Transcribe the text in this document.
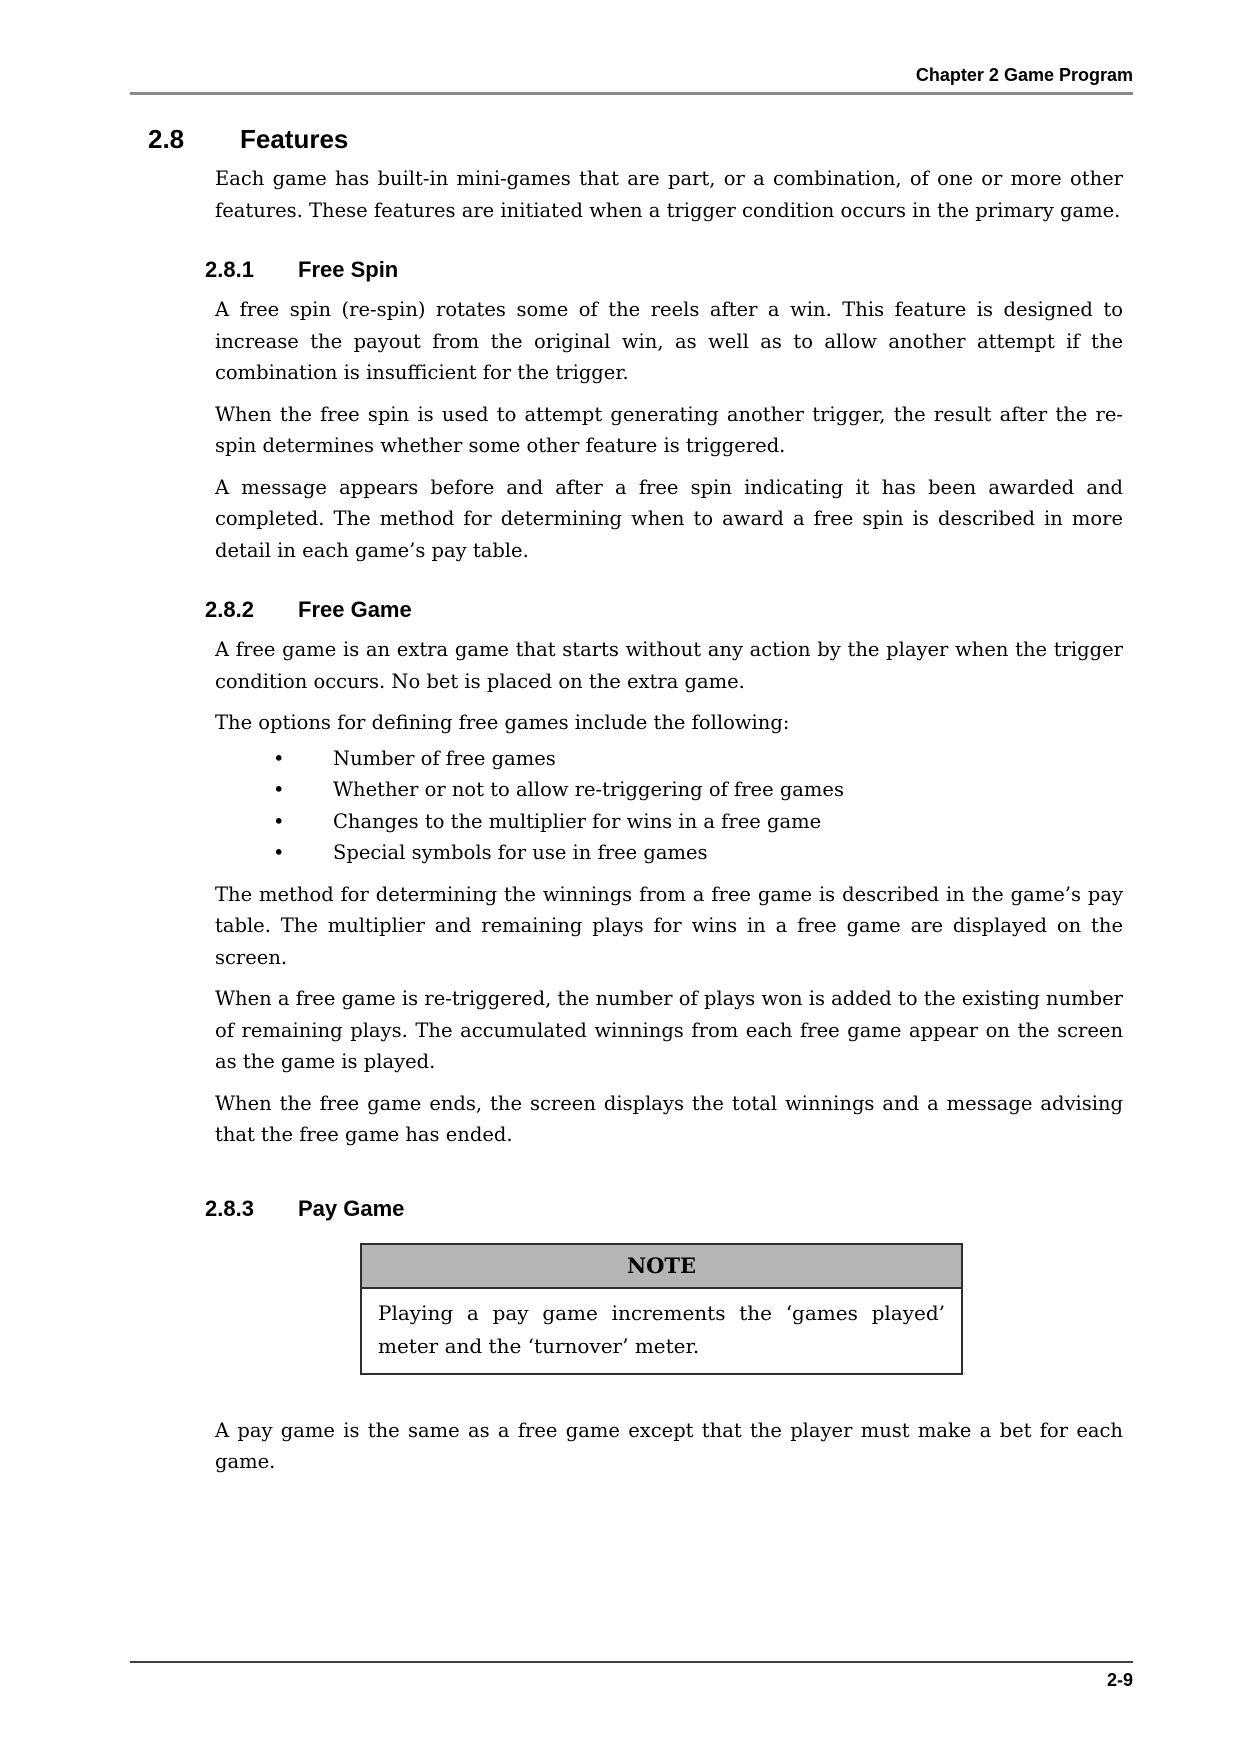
Chapter 2 Game Program
2.8 Features

Each game has built-in mini-games that are part, or a combination, of one or more other features. These features are initiated when a trigger condition occurs in the primary game.

2.8.1 Free Spin

A free spin (re-spin) rotates some of the reels after a win. This feature is designed to increase the payout from the original win, as well as to allow another attempt if the combination is insufficient for the trigger.

When the free spin is used to attempt generating another trigger, the result after the re-spin determines whether some other feature is triggered.

A message appears before and after a free spin indicating it has been awarded and completed. The method for determining when to award a free spin is described in more detail in each game’s pay table.

2.8.2 Free Game

A free game is an extra game that starts without any action by the player when the trigger condition occurs. No bet is placed on the extra game.

The options for defining free games include the following:

•	Number of free games
•	Whether or not to allow re-triggering of free games
•	Changes to the multiplier for wins in a free game
•	Special symbols for use in free games

The method for determining the winnings from a free game is described in the game’s pay table. The multiplier and remaining plays for wins in a free game are displayed on the screen.

When a free game is re-triggered, the number of plays won is added to the existing number of remaining plays. The accumulated winnings from each free game appear on the screen as the game is played.

When the free game ends, the screen displays the total winnings and a message advising that the free game has ended.

2.8.3 Pay Game
NOTE
Playing a pay game increments the ‘games played’ meter and the ‘turnover’ meter.

A pay game is the same as a free game except that the player must make a bet for each game.

2-9
